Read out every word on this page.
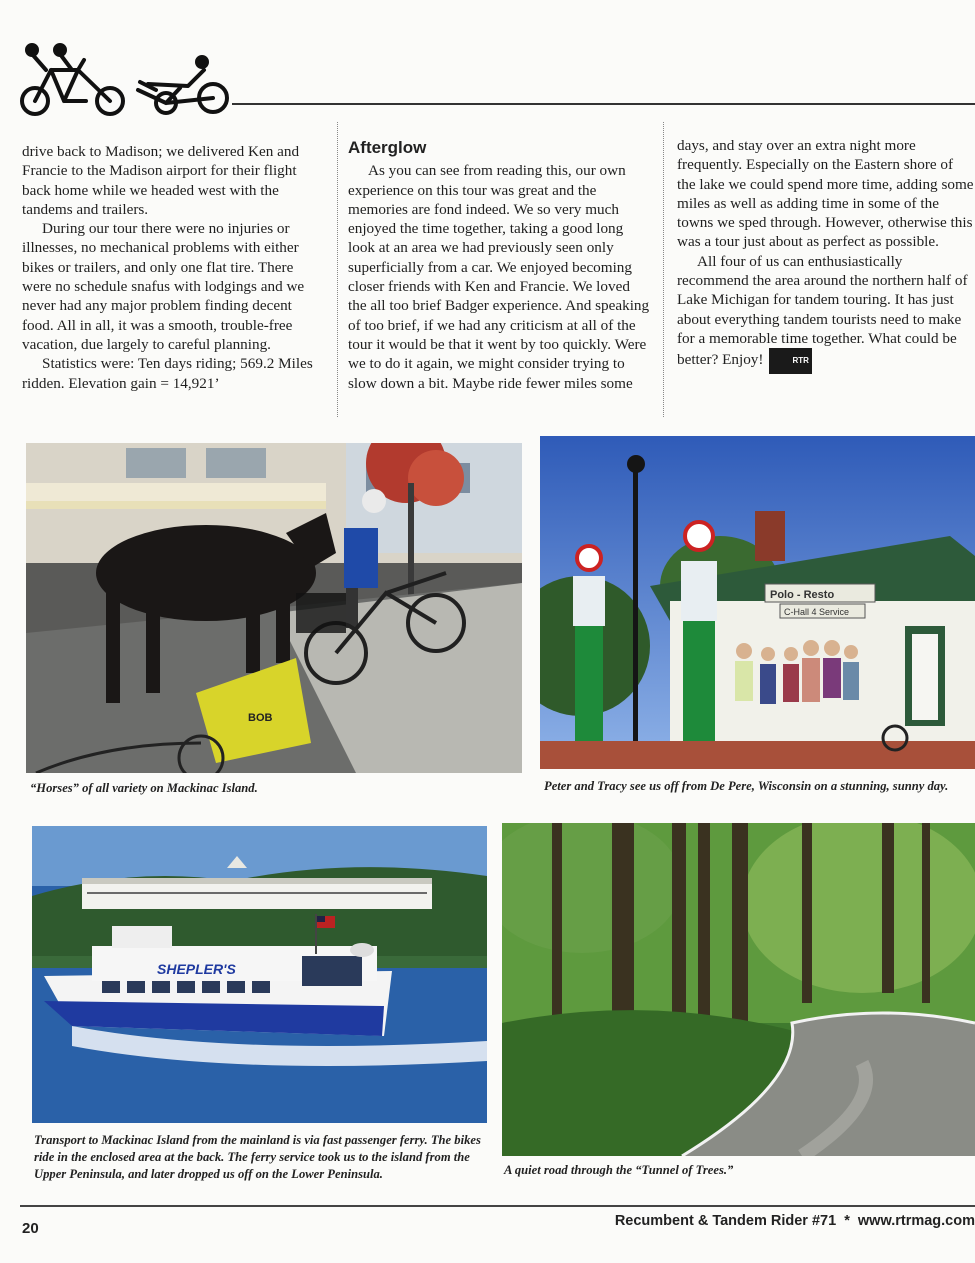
drive back to Madison; we delivered Ken and Francie to the Madison airport for their flight back home while we headed west with the tandems and trailers.

During our tour there were no injuries or illnesses, no mechanical problems with either bikes or trailers, and only one flat tire. There were no schedule snafus with lodgings and we never had any major problem finding decent food. All in all, it was a smooth, trouble-free vacation, due largely to careful planning.

Statistics were: Ten days riding; 569.2 Miles ridden. Elevation gain = 14,921’

Afterglow

As you can see from reading this, our own experience on this tour was great and the memories are fond indeed. We so very much enjoyed the time together, taking a good long look at an area we had previously seen only superficially from a car. We enjoyed becoming closer friends with Ken and Francie. We loved the all too brief Badger experience. And speaking of too brief, if we had any criticism at all of the tour it would be that it went by too quickly. Were we to do it again, we might consider trying to slow down a bit. Maybe ride fewer miles some

days, and stay over an extra night more frequently. Especially on the Eastern shore of the lake we could spend more time, adding some miles as well as adding time in some of the towns we sped through. However, otherwise this was a tour just about as perfect as possible.

All four of us can enthusiastically recommend the area around the northern half of Lake Michigan for tandem touring. It has just about everything tandem tourists need to make for a memorable time together. What could be better? Enjoy!	RTR

BOB
“Horses” of all variety on Mackinac Island.
Polo - Resto
C-Hall 4 Service
Peter and Tracy see us off from De Pere, Wisconsin on a stunning, sunny day.
SHEPLER'S
Transport to Mackinac Island from the mainland is via fast passenger ferry. The bikes ride in the enclosed area at the back. The ferry service took us to the island from the Upper Peninsula, and later dropped us off on the Lower Peninsula.	A quiet road through the “Tunnel of Trees.”
20	Recumbent & Tandem Rider #71  *  www.rtrmag.com
